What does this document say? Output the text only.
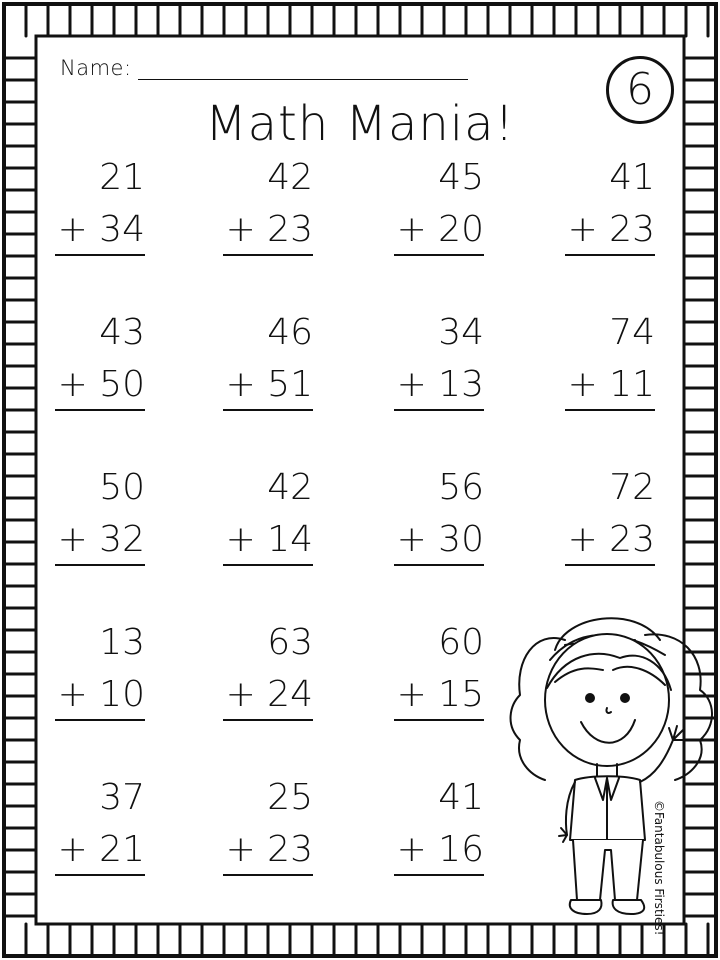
Name:	6
Math Mania!
21
+ 34
42
+ 23
45
+ 20
41
+ 23
43
+ 50
46
+ 51
34
+ 13
74
+ 11
50
+ 32
42
+ 14
56
+ 30
72
+ 23
13
+ 10
63
+ 24
60
+ 15
37
+ 21
25
+ 23
41
+ 16	©Fantabulous Firsties!
